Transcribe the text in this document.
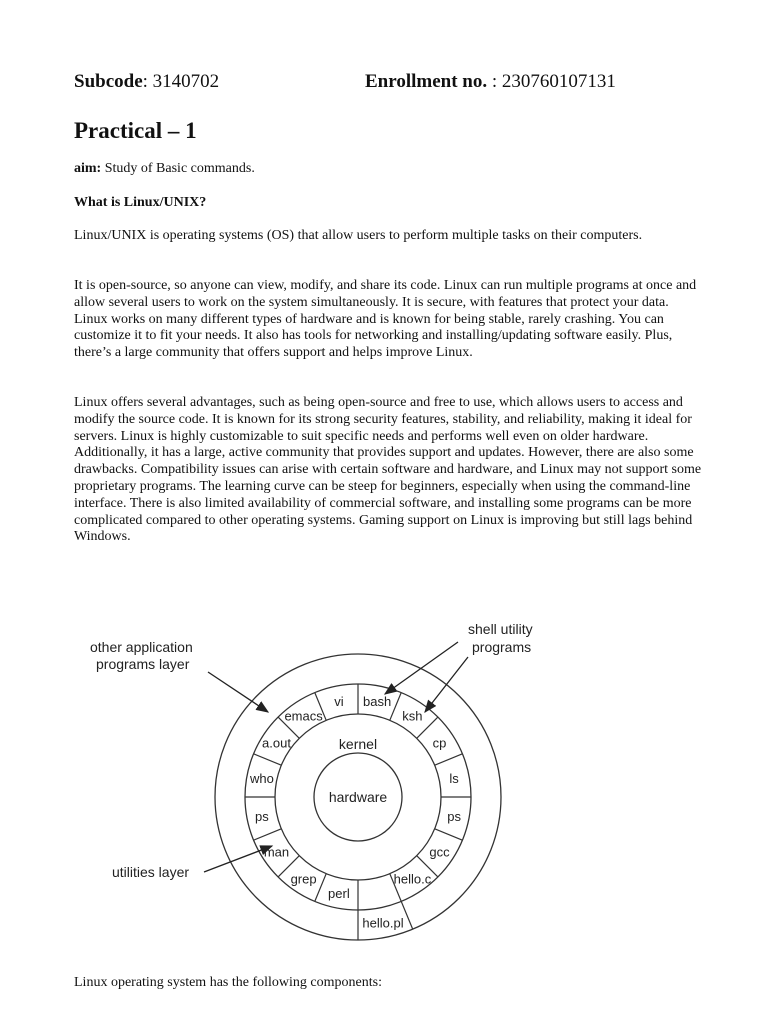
Subcode: 3140702	Enrollment no. : 230760107131
Practical – 1
aim: Study of Basic commands.
What is Linux/UNIX?
Linux/UNIX is operating systems (OS) that allow users to perform multiple tasks on their computers.
It is open-source, so anyone can view, modify, and share its code. Linux can run multiple programs at once and allow several users to work on the system simultaneously. It is secure, with features that protect your data. Linux works on many different types of hardware and is known for being stable, rarely crashing. You can customize it to fit your needs. It also has tools for networking and installing/updating software easily. Plus, there’s a large community that offers support and helps improve Linux.
Linux offers several advantages, such as being open-source and free to use, which allows users to access and modify the source code. It is known for its strong security features, stability, and reliability, making it ideal for servers. Linux is highly customizable to suit specific needs and performs well even on older hardware. Additionally, it has a large, active community that provides support and updates. However, there are also some drawbacks. Compatibility issues can arise with certain software and hardware, and Linux may not support some proprietary programs. The learning curve can be steep for beginners, especially when using the command-line interface. There is also limited availability of commercial software, and installing some programs can be more complicated compared to other operating systems. Gaming support on Linux is improving but still lags behind Windows.
vi bash
ksh
cp
ls
ps
gcc
hello.c
hello.pl
perl
grep
man
ps
who
a.out
emacs
hardware
kernel
other application
programs layer
shell utility
programs
utilities layer
Linux operating system has the following components:
